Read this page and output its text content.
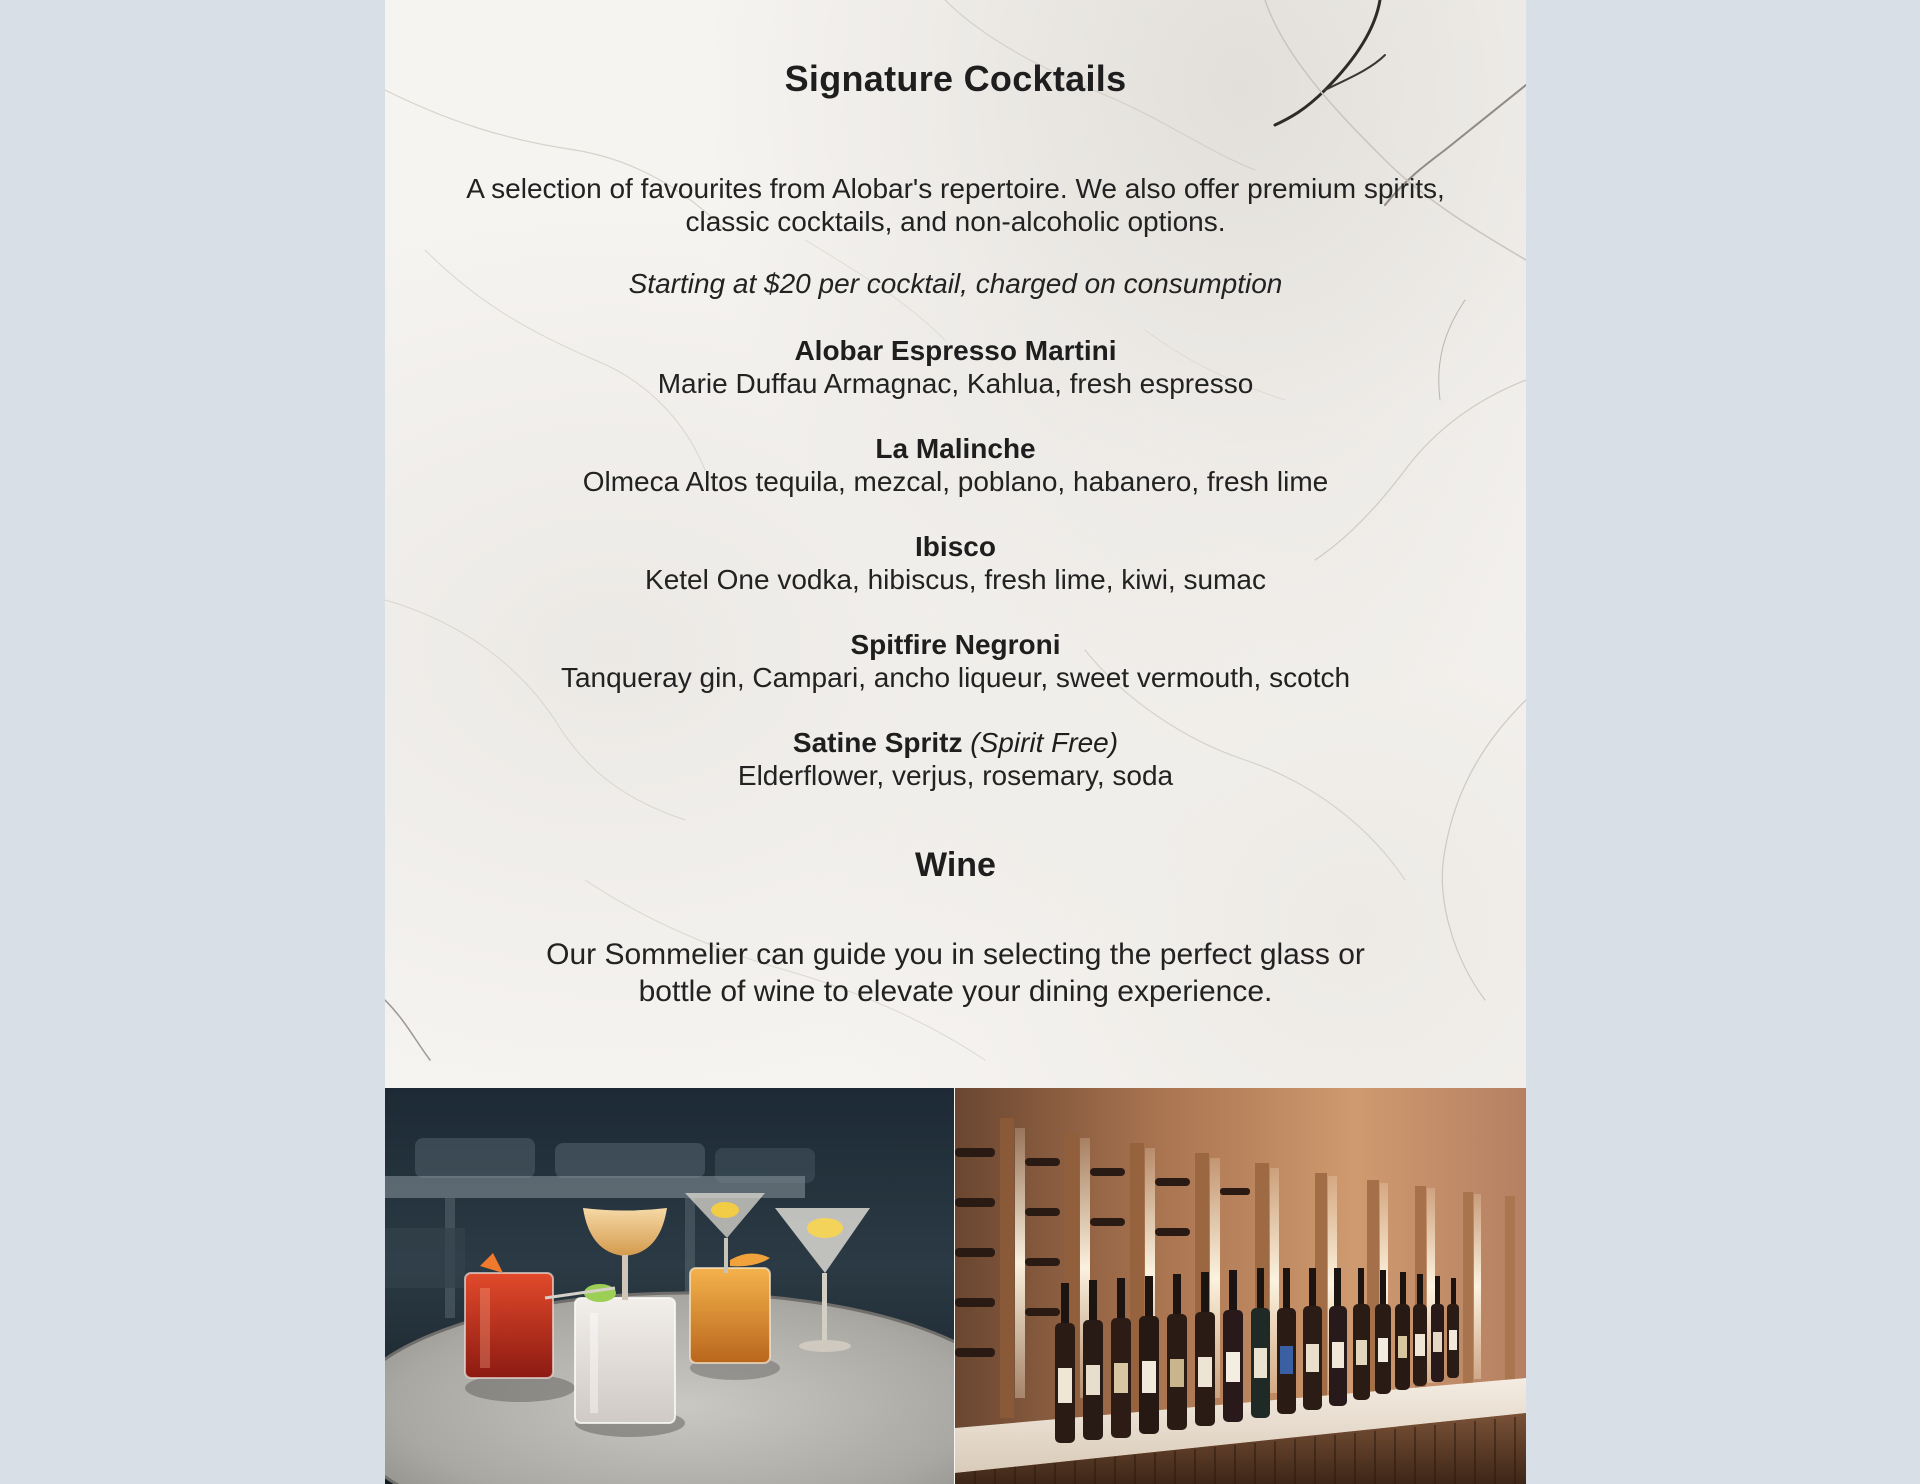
Signature Cocktails

A selection of favourites from Alobar's repertoire. We also offer premium spirits, classic cocktails, and non-alcoholic options.

Starting at $20 per cocktail, charged on consumption

Alobar Espresso Martini
Marie Duffau Armagnac, Kahlua, fresh espresso
La Malinche
Olmeca Altos tequila, mezcal, poblano, habanero, fresh lime
Ibisco
Ketel One vodka, hibiscus, fresh lime, kiwi, sumac
Spitfire Negroni
Tanqueray gin, Campari, ancho liqueur, sweet vermouth, scotch
Satine Spritz (Spirit Free)
Elderflower, verjus, rosemary, soda
Wine

Our Sommelier can guide you in selecting the perfect glass or bottle of wine to elevate your dining experience.
